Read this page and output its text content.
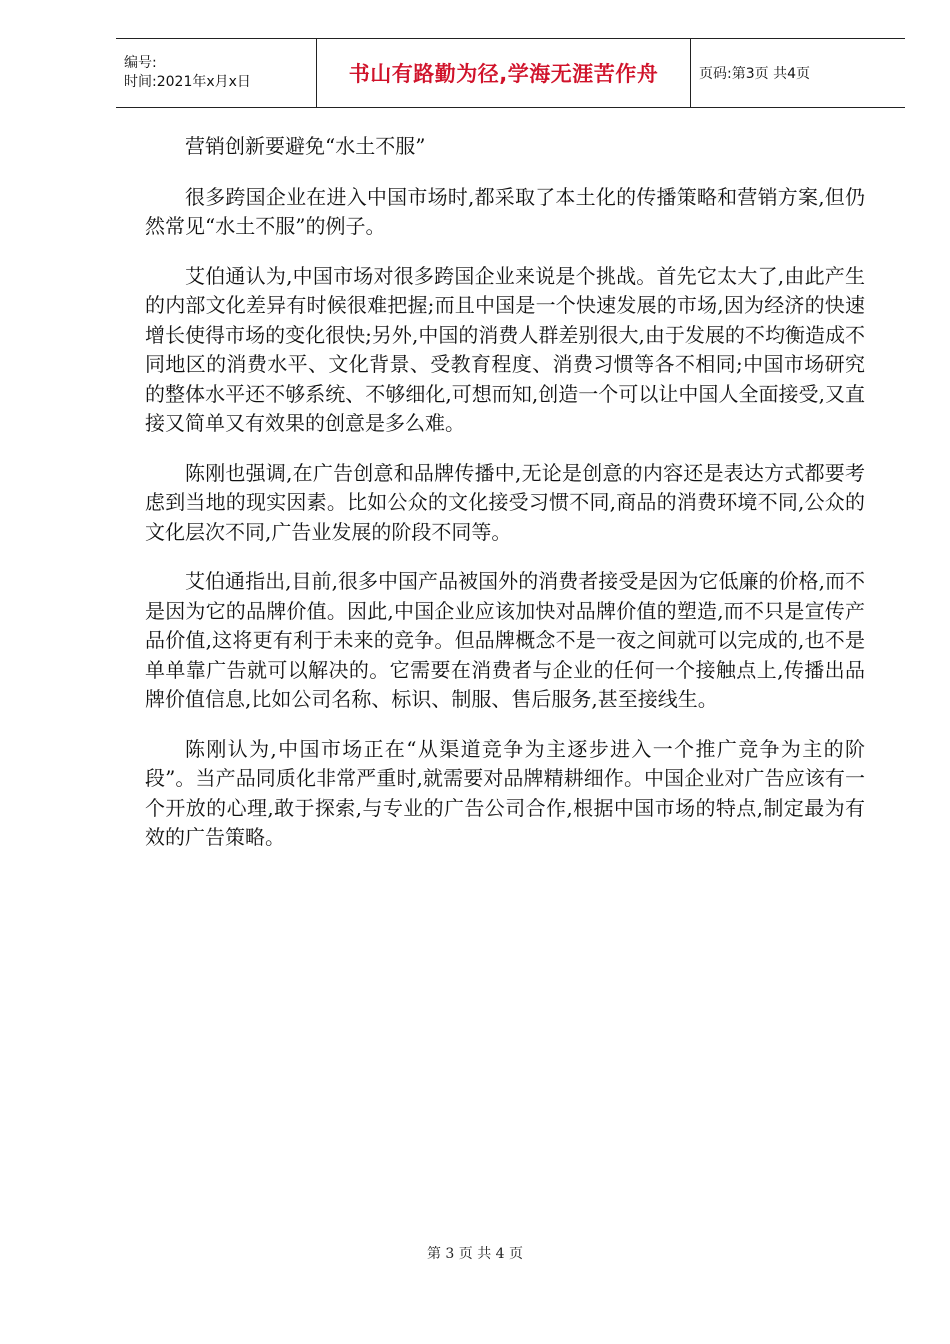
编号:
时间:2021年x月x日	书山有路勤为径,学海无涯苦作舟	页码:第3页 共4页

营销创新要避免“水土不服”

很多跨国企业在进入中国市场时,都采取了本土化的传播策略和营销方案,但仍然常见“水土不服”的例子。

艾伯通认为,中国市场对很多跨国企业来说是个挑战。首先它太大了,由此产生的内部文化差异有时候很难把握;而且中国是一个快速发展的市场,因为经济的快速增长使得市场的变化很快;另外,中国的消费人群差别很大,由于发展的不均衡造成不同地区的消费水平、文化背景、受教育程度、消费习惯等各不相同;中国市场研究的整体水平还不够系统、不够细化,可想而知,创造一个可以让中国人全面接受,又直接又简单又有效果的创意是多么难。

陈刚也强调,在广告创意和品牌传播中,无论是创意的内容还是表达方式都要考虑到当地的现实因素。比如公众的文化接受习惯不同,商品的消费环境不同,公众的文化层次不同,广告业发展的阶段不同等。

艾伯通指出,目前,很多中国产品被国外的消费者接受是因为它低廉的价格,而不是因为它的品牌价值。因此,中国企业应该加快对品牌价值的塑造,而不只是宣传产品价值,这将更有利于未来的竞争。但品牌概念不是一夜之间就可以完成的,也不是单单靠广告就可以解决的。它需要在消费者与企业的任何一个接触点上,传播出品牌价值信息,比如公司名称、标识、制服、售后服务,甚至接线生。

陈刚认为,中国市场正在“从渠道竞争为主逐步进入一个推广竞争为主的阶段”。当产品同质化非常严重时,就需要对品牌精耕细作。中国企业对广告应该有一个开放的心理,敢于探索,与专业的广告公司合作,根据中国市场的特点,制定最为有效的广告策略。

第 3 页 共 4 页
